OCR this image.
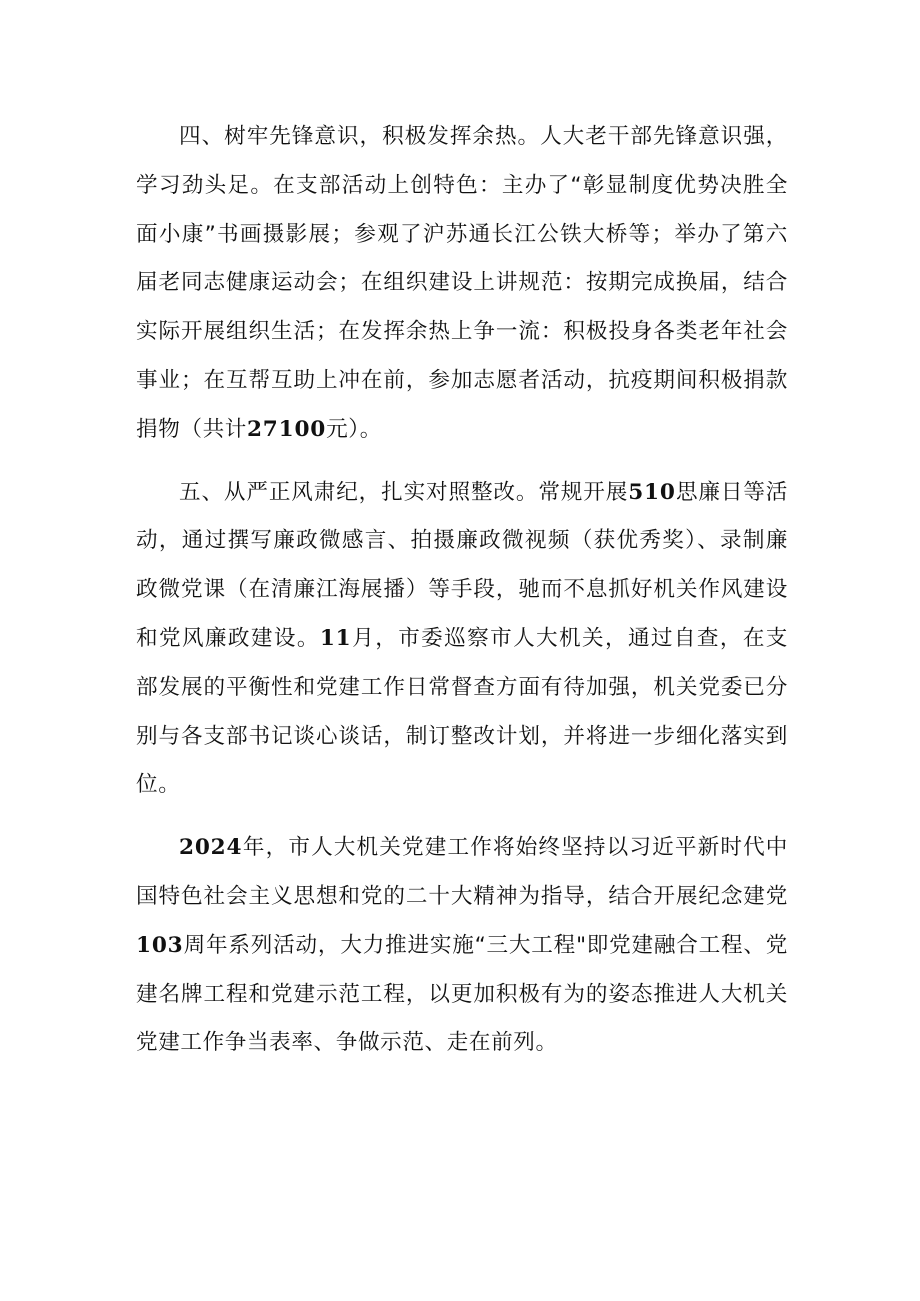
四、树牢先锋意识，积极发挥余热。人大老干部先锋意识强，学习劲头足。在支部活动上创特色：主办了“彰显制度优势决胜全面小康”书画摄影展；参观了沪苏通长江公铁大桥等；举办了第六届老同志健康运动会；在组织建设上讲规范：按期完成换届，结合实际开展组织生活；在发挥余热上争一流：积极投身各类老年社会事业；在互帮互助上冲在前，参加志愿者活动，抗疫期间积极捐款捐物（共计27100元）。

五、从严正风肃纪，扎实对照整改。常规开展510思廉日等活动，通过撰写廉政微感言、拍摄廉政微视频（获优秀奖）、录制廉政微党课（在清廉江海展播）等手段，驰而不息抓好机关作风建设和党风廉政建设。11月，市委巡察市人大机关，通过自查，在支部发展的平衡性和党建工作日常督查方面有待加强，机关党委已分别与各支部书记谈心谈话，制订整改计划，并将进一步细化落实到位。

2024年，市人大机关党建工作将始终坚持以习近平新时代中国特色社会主义思想和党的二十大精神为指导，结合开展纪念建党103周年系列活动，大力推进实施“三大工程"即党建融合工程、党建名牌工程和党建示范工程，以更加积极有为的姿态推进人大机关党建工作争当表率、争做示范、走在前列。
